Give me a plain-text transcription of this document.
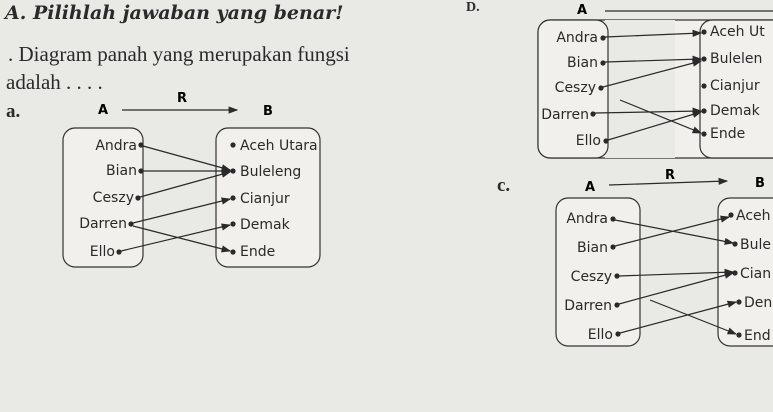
A. Pilihlah jawaban yang benar!	D.
. Diagram panah yang merupakan fungsi
adalah . . . .
a.
c.
A
R
B
Andra
Bian
Ceszy
Darren
Ello
Aceh Utara
Buleleng
Cianjur
Demak
Ende
A
Andra
Bian
Ceszy
Darren
Ello
Aceh Ut
Bulelen
Cianjur
Demak
Ende
A
R
B
Andra
Bian
Ceszy
Darren
Ello
Aceh
Bule
Cian
Den
End
